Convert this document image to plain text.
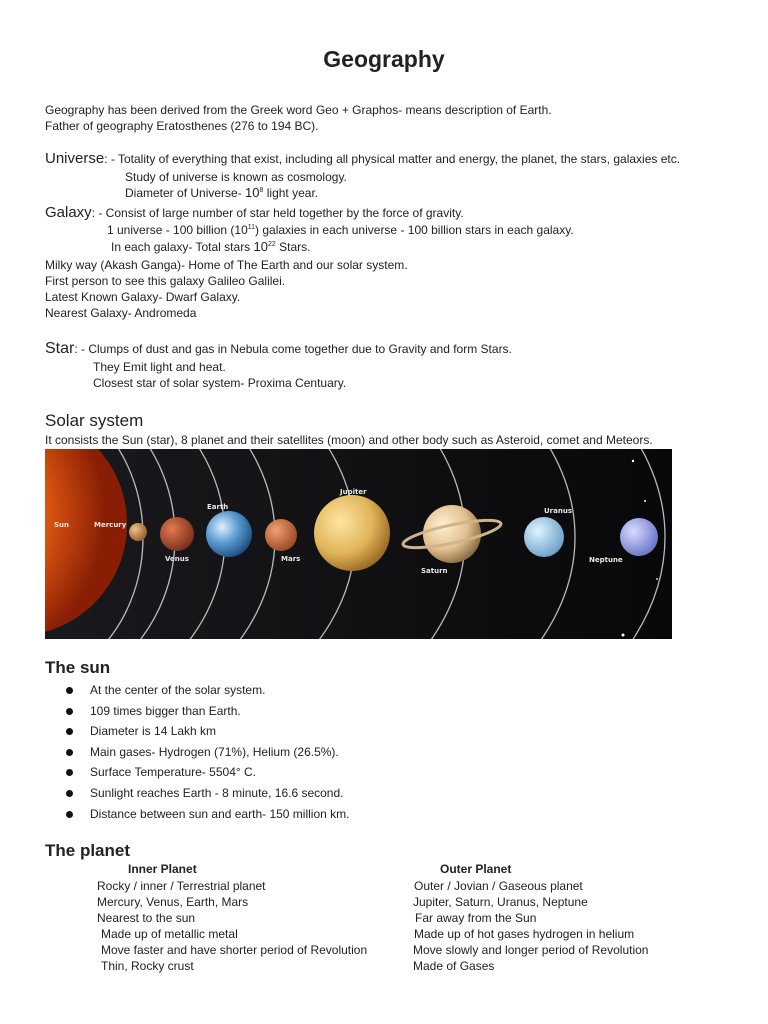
Geography
Geography has been derived from the Greek word Geo + Graphos- means description of Earth.
Father of geography Eratosthenes (276 to 194 BC).
Universe: - Totality of everything that exist, including all physical matter and energy, the planet, the stars, galaxies etc.
Study of universe is known as cosmology.
Diameter of Universe- $10^8$ light year.
Galaxy: - Consist of large number of star held together by the force of gravity.
1 universe - 100 billion $(10^{11})$ galaxies in each universe - 100 billion stars in each galaxy.
In each galaxy- Total stars $10^{22}$ Stars.
Milky way (Akash Ganga)- Home of The Earth and our solar system.
First person to see this galaxy Galileo Galilei.
Latest Known Galaxy- Dwarf Galaxy.
Nearest Galaxy- Andromeda
Star: - Clumps of dust and gas in Nebula come together due to Gravity and form Stars.
They Emit light and heat.
Closest star of solar system- Proxima Centuary.
Solar system
It consists the Sun (star), 8 planet and their satellites (moon) and other body such as Asteroid, comet and Meteors.
Sun	Mercury
Venus
Earth
Mars
Jupiter
Saturn
Uranus
Neptune
The sun
At the center of the solar system.
109 times bigger than Earth.
Diameter is 14 Lakh km
Main gases- Hydrogen (71%), Helium (26.5%).
Surface Temperature- 5504° C.
Sunlight reaches Earth - 8 minute, 16.6 second.
Distance between sun and earth- 150 million km.
The planet
Inner Planet	Outer Planet
Rocky / inner / Terrestrial planet
Mercury, Venus, Earth, Mars
Nearest to the sun
Made up of metallic metal
Move faster and have shorter period of Revolution
Thin, Rocky crust
Outer / Jovian / Gaseous planet
Jupiter, Saturn, Uranus, Neptune
Far away from the Sun
Made up of hot gases hydrogen in helium
Move slowly and longer period of Revolution
Made of Gases
